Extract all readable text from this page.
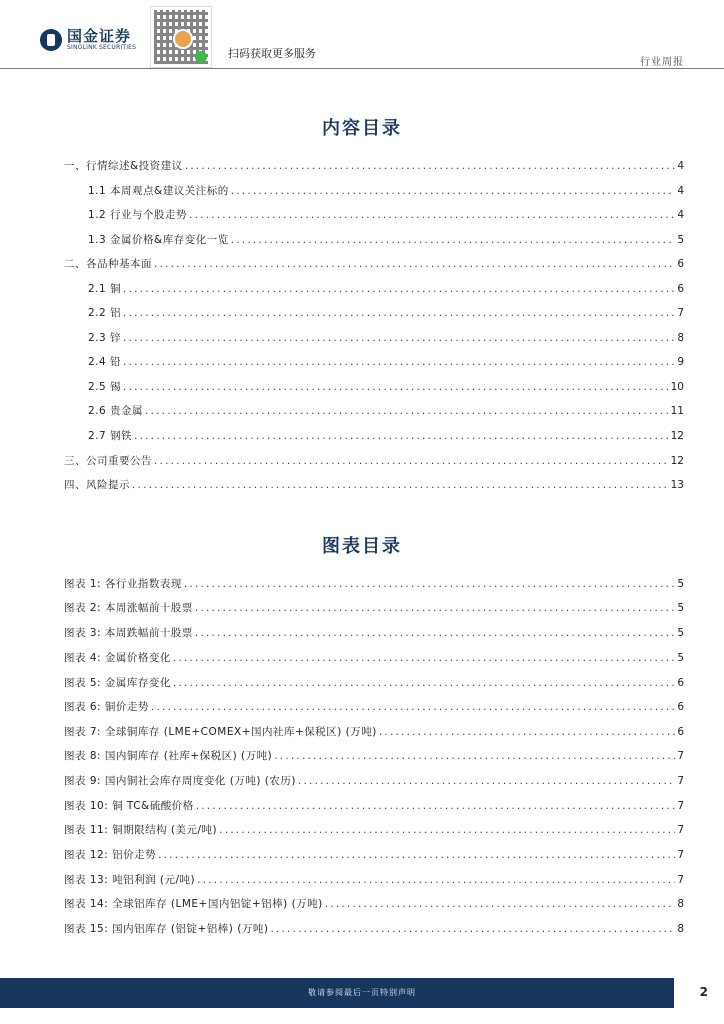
国金证券
SINOLINK SECURITIES	扫码获取更多服务
行业周报
内容目录
一、行情综述&投资建议 .....	4
1.1 本周观点&建议关注标的 .....	4
1.2 行业与个股走势 .....	4
1.3 金属价格&库存变化一览 .....	5
二、各品种基本面 .....	6
2.1 铜 .....	6
2.2 铝 .....	7
2.3 锌 .....	8
2.4 铅 .....	9
2.5 锡 .....	10
2.6 贵金属 .....	11
2.7 钢铁 .....	12
三、公司重要公告 .....	12
四、风险提示 .....	13
图表目录
图表 1: 各行业指数表现 .....	5
图表 2: 本周涨幅前十股票 .....	5
图表 3: 本周跌幅前十股票 .....	5
图表 4: 金属价格变化 .....	5
图表 5: 金属库存变化 .....	6
图表 6: 铜价走势 .....	6
图表 7: 全球铜库存 (LME+COMEX+国内社库+保税区) (万吨) .....	6
图表 8: 国内铜库存 (社库+保税区) (万吨) .....	7
图表 9: 国内铜社会库存周度变化 (万吨) (农历) .....	7
图表 10: 铜 TC&硫酸价格 .....	7
图表 11: 铜期限结构 (美元/吨) .....	7
图表 12: 铝价走势 .....	7
图表 13: 吨铝利润 (元/吨) .....	7
图表 14: 全球铝库存 (LME+国内铝锭+铝棒) (万吨) .....	8
图表 15: 国内铝库存 (铝锭+铝棒) (万吨) .....	8
敬请参阅最后一页特别声明	2
